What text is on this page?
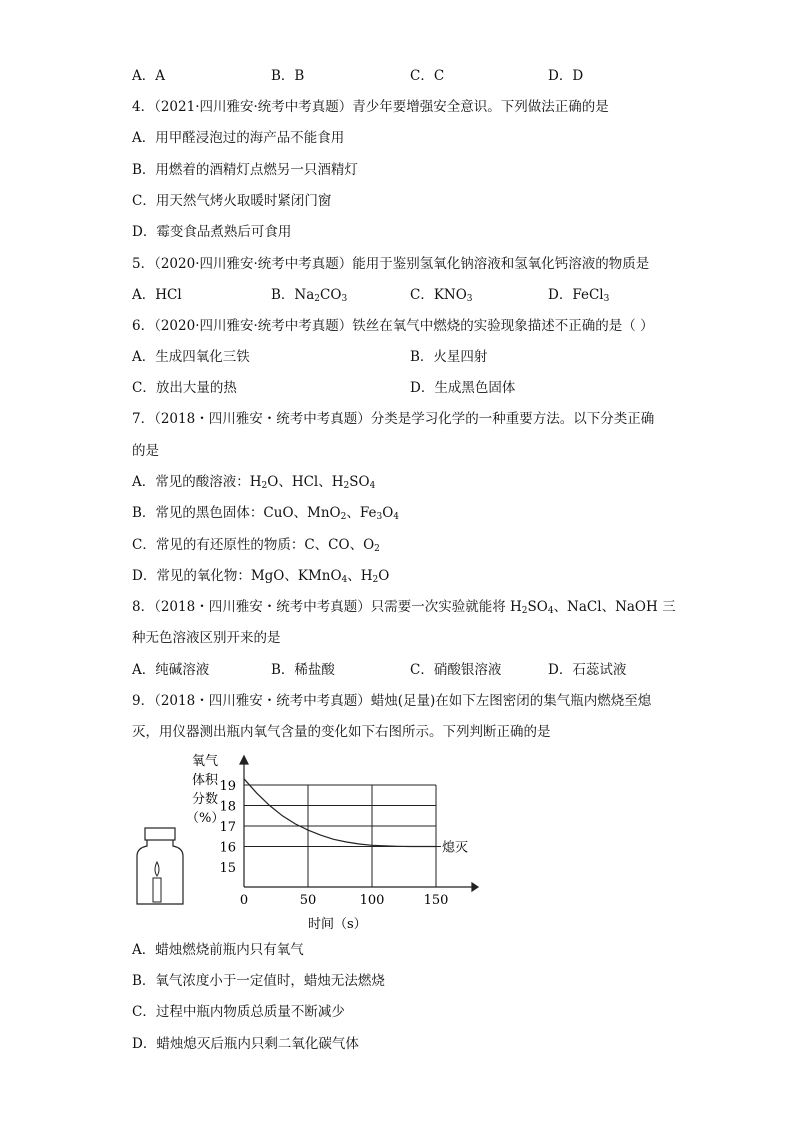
A．A	B．B	C．C	D．D
4．（2021·四川雅安·统考中考真题）青少年要增强安全意识。下列做法正确的是
A．用甲醛浸泡过的海产品不能食用
B．用燃着的酒精灯点燃另一只酒精灯
C．用天然气烤火取暖时紧闭门窗
D．霉变食品煮熟后可食用
5．（2020·四川雅安·统考中考真题）能用于鉴别氢氧化钠溶液和氢氧化钙溶液的物质是
A．HCl	B．$Na_2CO_3$	C．$KNO_3$	D．FeCl$_3$
6．（2020·四川雅安·统考中考真题）铁丝在氧气中燃烧的实验现象描述不正确的是（ ）
A．生成四氧化三铁	B．火星四射
C．放出大量的热	D．生成黑色固体
7．（2018・四川雅安・统考中考真题）分类是学习化学的一种重要方法。以下分类正确
的是
A．常见的酸溶液：$H_2O$、HCl、$H_2SO_4$
B．常见的黑色固体：CuO、MnO$_2$、$Fe_3O_4$
C．常见的有还原性的物质：C、CO、$O_2$
D．常见的氧化物：MgO、KMnO$_4$、$H_2O$
8．（2018・四川雅安・统考中考真题）只需要一次实验就能将 $H_2SO_4$、NaCl、NaOH 三
种无色溶液区别开来的是
A．纯碱溶液	B．稀盐酸	C．硝酸银溶液	D．石蕊试液
9．（2018・四川雅安・统考中考真题）蜡烛(足量)在如下左图密闭的集气瓶内燃烧至熄
灭，用仪器测出瓶内氧气含量的变化如下右图所示。下列判断正确的是
15
16
17
18
19
0	50	100	150
熄灭
氧气
体积
分数
（%）
时间（s）
A．蜡烛燃烧前瓶内只有氧气
B．氧气浓度小于一定值时，蜡烛无法燃烧
C．过程中瓶内物质总质量不断减少
D．蜡烛熄灭后瓶内只剩二氧化碳气体
